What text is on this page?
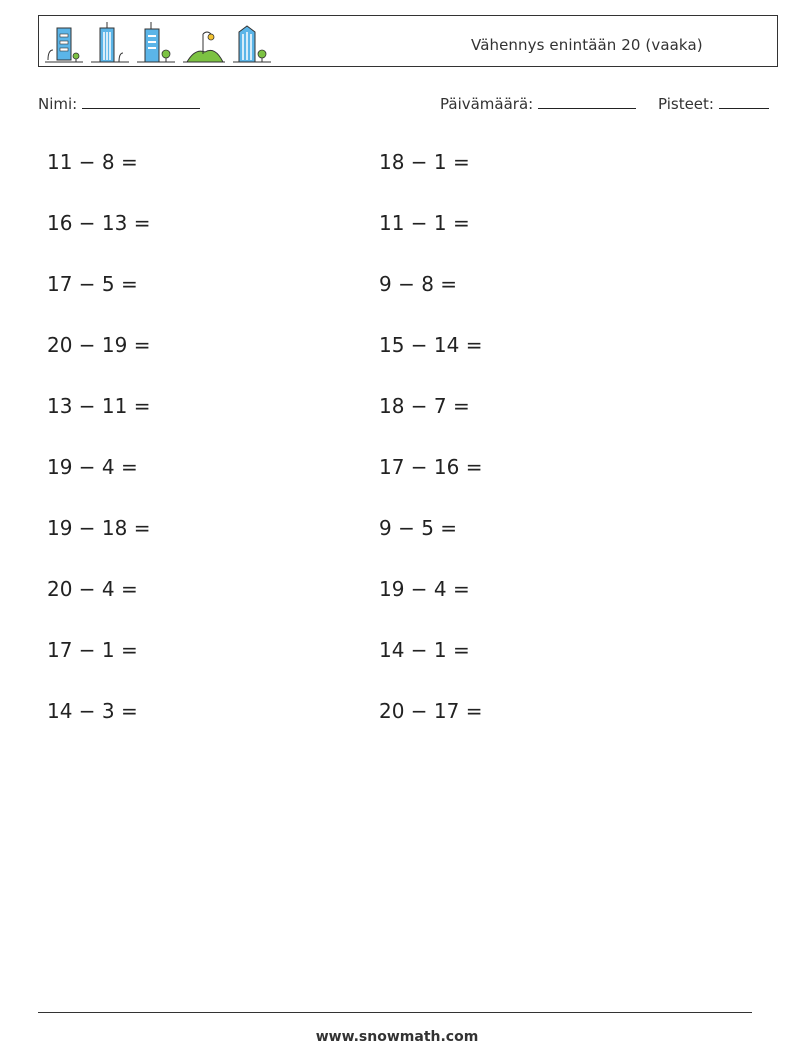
Vähennys enintään 20 (vaaka)
Nimi:	Päivämäärä:	Pisteet:
11 − 8 =
16 − 13 =
17 − 5 =
20 − 19 =
13 − 11 =
19 − 4 =
19 − 18 =
20 − 4 =
17 − 1 =
14 − 3 =
18 − 1 =
11 − 1 =
9 − 8 =
15 − 14 =
18 − 7 =
17 − 16 =
9 − 5 =
19 − 4 =
14 − 1 =
20 − 17 =
www.snowmath.com
